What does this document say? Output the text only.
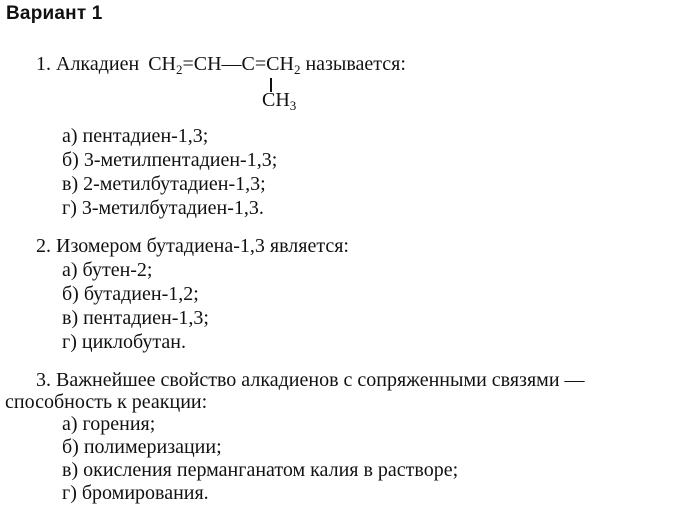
Вариант 1
1. Алкадиен $CH_2=CH—C=CH_2$ называется:
$CH_3$
а) пентадиен-1,3;
б) 3-метилпентадиен-1,3;
в) 2-метилбутадиен-1,3;
г) 3-метилбутадиен-1,3.
2. Изомером бутадиена-1,3 является:
а) бутен-2;
б) бутадиен-1,2;
в) пентадиен-1,3;
г) циклобутан.
3. Важнейшее свойство алкадиенов с сопряженными связями —
способность к реакции:
а) горения;
б) полимеризации;
в) окисления перманганатом калия в растворе;
г) бромирования.
